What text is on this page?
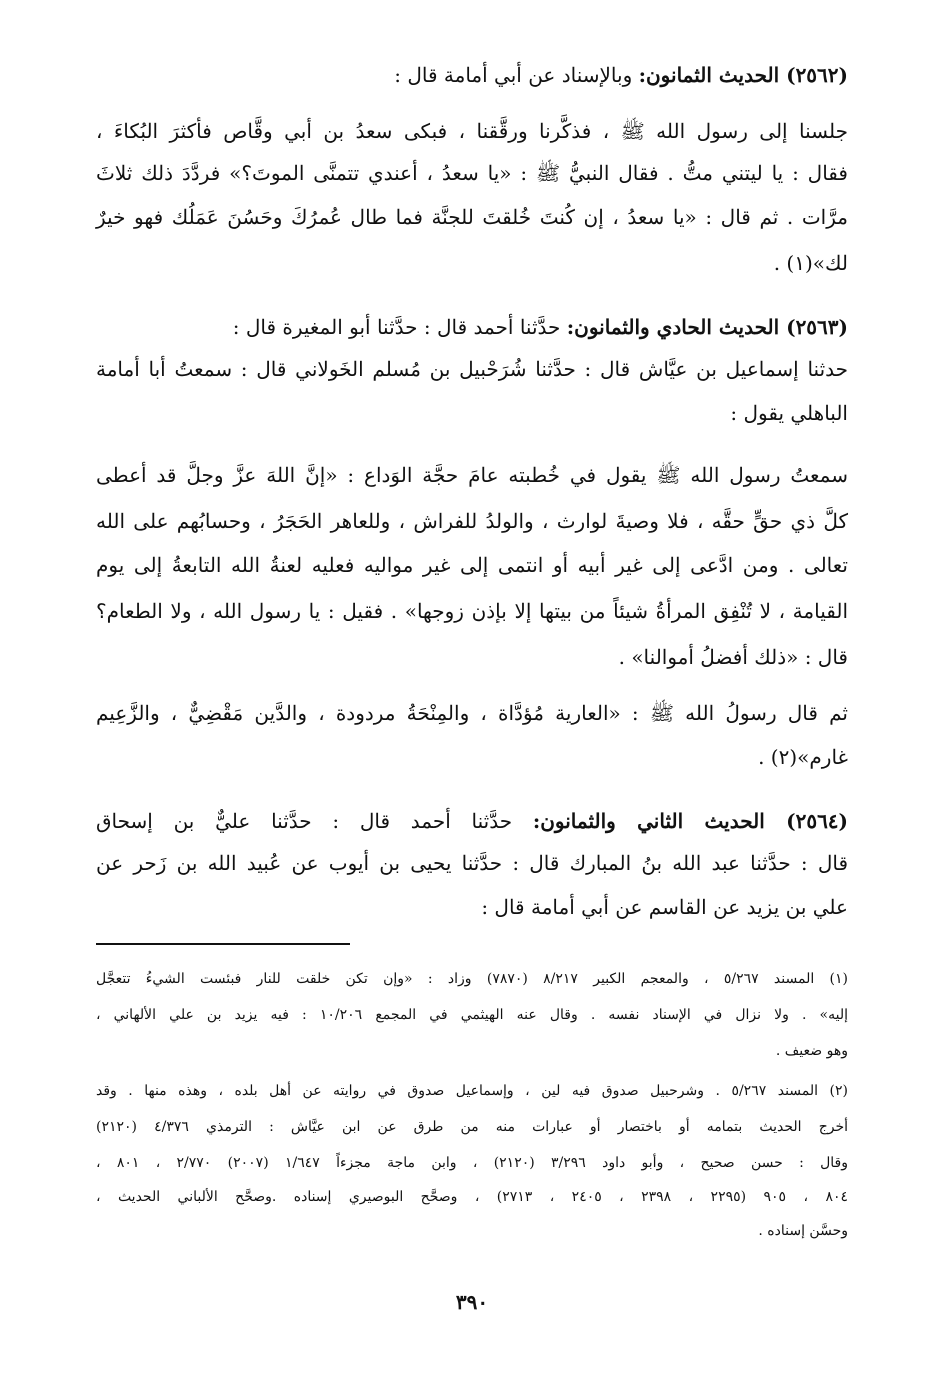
(٢٥٦٢) الحديث الثمانون: وبالإسناد عن أبي أمامة قال :
جلسنا إلى رسول الله ﷺ ، فذكَّرنا ورقَّقنا ، فبكى سعدُ بن أبي وقَّاص فأكثرَ البُكاءَ ،
فقال : يا ليتني متُّ . فقال النبيُّ ﷺ : «يا سعدُ ، أعندي تتمنَّى الموتَ؟» فردَّدَ ذلك ثلاثَ
مرَّات . ثم قال : «يا سعدُ ، إن كُنتَ خُلقتَ للجنَّة فما طال عُمرُكَ وحَسُنَ عَمَلُك فهو خيرٌ
لك»(١) .
(٢٥٦٣) الحديث الحادي والثمانون: حدَّثنا أحمد قال : حدَّثنا أبو المغيرة قال :
حدثنا إسماعيل بن عيَّاش قال : حدَّثنا شُرَحْبيل بن مُسلم الخَولاني قال : سمعتُ أبا أمامة
الباهلي يقول :
سمعتُ رسول الله ﷺ يقول في خُطبته عامَ حجَّة الوَداع : «إنَّ اللهَ عزَّ وجلَّ قد أعطى
كلَّ ذي حقٍّ حقَّه ، فلا وصيةَ لوارث ، والولدُ للفراش ، وللعاهر الحَجَرُ ، وحسابُهم على الله
تعالى . ومن ادَّعى إلى غير أبيه أو انتمى إلى غير مواليه فعليه لعنةُ الله التابعةُ إلى يوم
القيامة ، لا تُنْفِق المرأةُ شيئاً من بيتها إلا بإذن زوجها» . فقيل : يا رسول الله ، ولا الطعام؟
قال : «ذلك أفضلُ أموالنا» .
ثم قال رسولُ الله ﷺ : «العارية مُؤدَّاة ، والمِنْحَةُ مردودة ، والدَّين مَقْضِيٌّ ، والزَّعِيم
غارم»(٢) .
(٢٥٦٤) الحديث الثاني والثمانون: حدَّثنا أحمد قال : حدَّثنا عليٌّ بن إسحاق
قال : حدَّثنا عبد الله بنُ المبارك قال : حدَّثنا يحيى بن أيوب عن عُبيد الله بن زَحر عن
علي بن يزيد عن القاسم عن أبي أمامة قال :
(١) المسند ٥/٢٦٧ ، والمعجم الكبير ٨/٢١٧ (٧٨٧٠) وزاد : «وإن تكن خلقت للنار فبئست الشيءُ تتعجَّل
إليه» . ولا نزال في الإسناد نفسه . وقال عنه الهيثمي في المجمع ١٠/٢٠٦ : فيه يزيد بن علي الألهاني ،
وهو ضعيف .
(٢) المسند ٥/٢٦٧ . وشرحبيل صدوق فيه لين ، وإسماعيل صدوق في روايته عن أهل بلده ، وهذه منها . وقد
أخرج الحديث بتمامه أو باختصار أو عبارات منه من طرق عن ابن عيَّاش : الترمذي ٤/٣٧٦ (٢١٢٠)
وقال : حسن صحيح ، وأبو داود ٣/٢٩٦ (٢١٢٠) ، وابن ماجة مجزءاً ١/٦٤٧ (٢٠٠٧) ٢/٧٧٠ ، ٨٠١ ،
٨٠٤ ، ٩٠٥ (٢٢٩٥ ، ٢٣٩٨ ، ٢٤٠٥ ، ٢٧١٣) ، وصحَّح البوصيري إسناده .وصحَّح الألباني الحديث ،
وحسَّن إسناده .
٣٩٠
